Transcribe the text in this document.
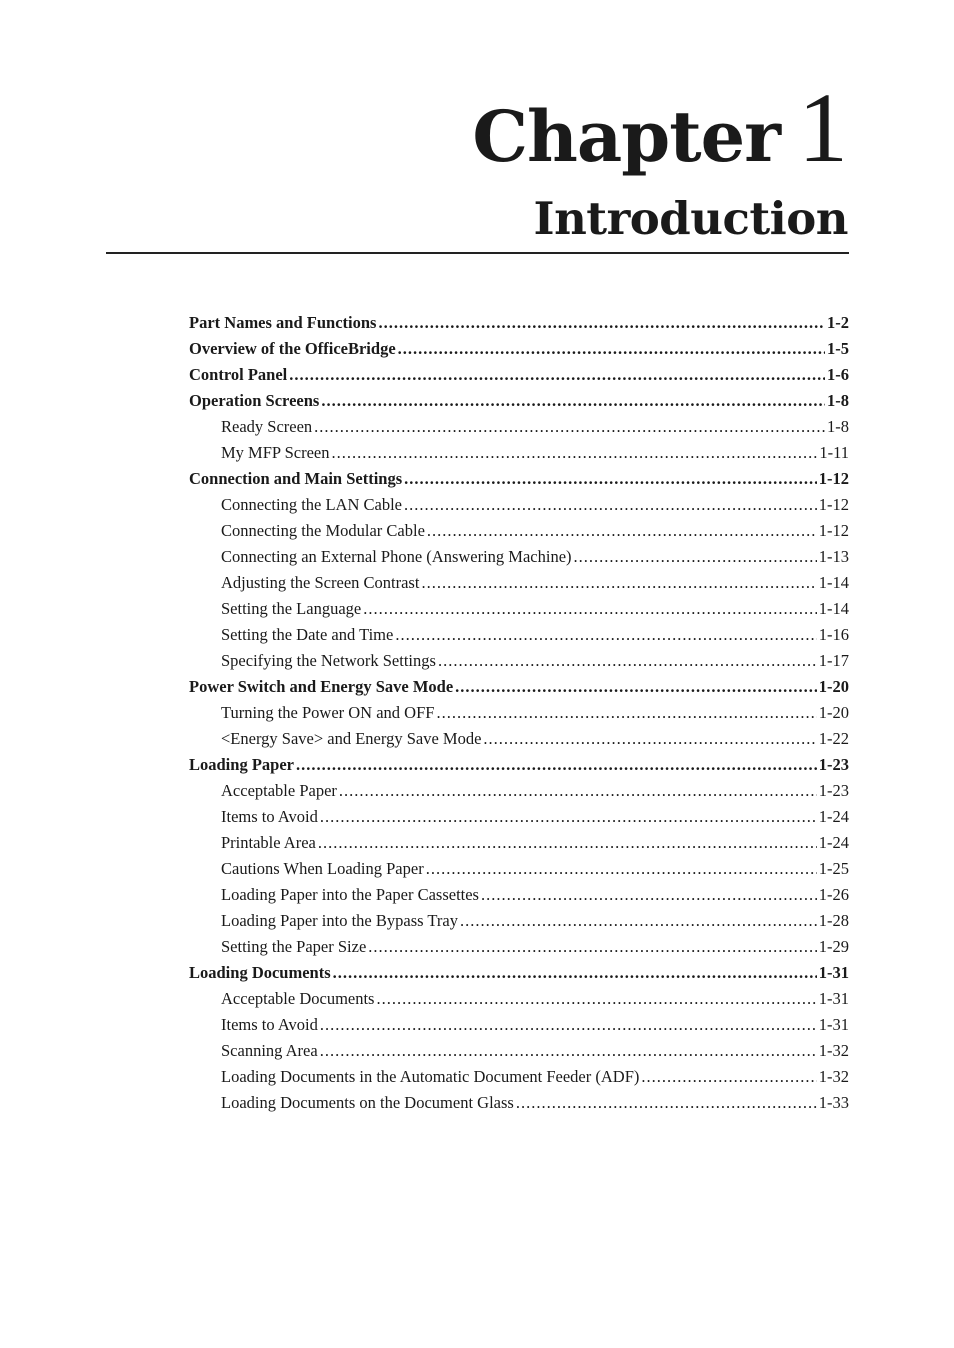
Chapter 1
Introduction
Part Names and Functions .....	1-2
Overview of the OfficeBridge .....	1-5
Control Panel .....	1-6
Operation Screens .....	1-8
Ready Screen .....	1-8
My MFP Screen .....	1-11
Connection and Main Settings .....	1-12
Connecting the LAN Cable .....	1-12
Connecting the Modular Cable .....	1-12
Connecting an External Phone (Answering Machine) .....	1-13
Adjusting the Screen Contrast .....	1-14
Setting the Language .....	1-14
Setting the Date and Time .....	1-16
Specifying the Network Settings .....	1-17
Power Switch and Energy Save Mode .....	1-20
Turning the Power ON and OFF .....	1-20
<Energy Save> and Energy Save Mode .....	1-22
Loading Paper .....	1-23
Acceptable Paper .....	1-23
Items to Avoid .....	1-24
Printable Area .....	1-24
Cautions When Loading Paper .....	1-25
Loading Paper into the Paper Cassettes .....	1-26
Loading Paper into the Bypass Tray .....	1-28
Setting the Paper Size .....	1-29
Loading Documents .....	1-31
Acceptable Documents .....	1-31
Items to Avoid .....	1-31
Scanning Area .....	1-32
Loading Documents in the Automatic Document Feeder (ADF) .....	1-32
Loading Documents on the Document Glass .....	1-33
